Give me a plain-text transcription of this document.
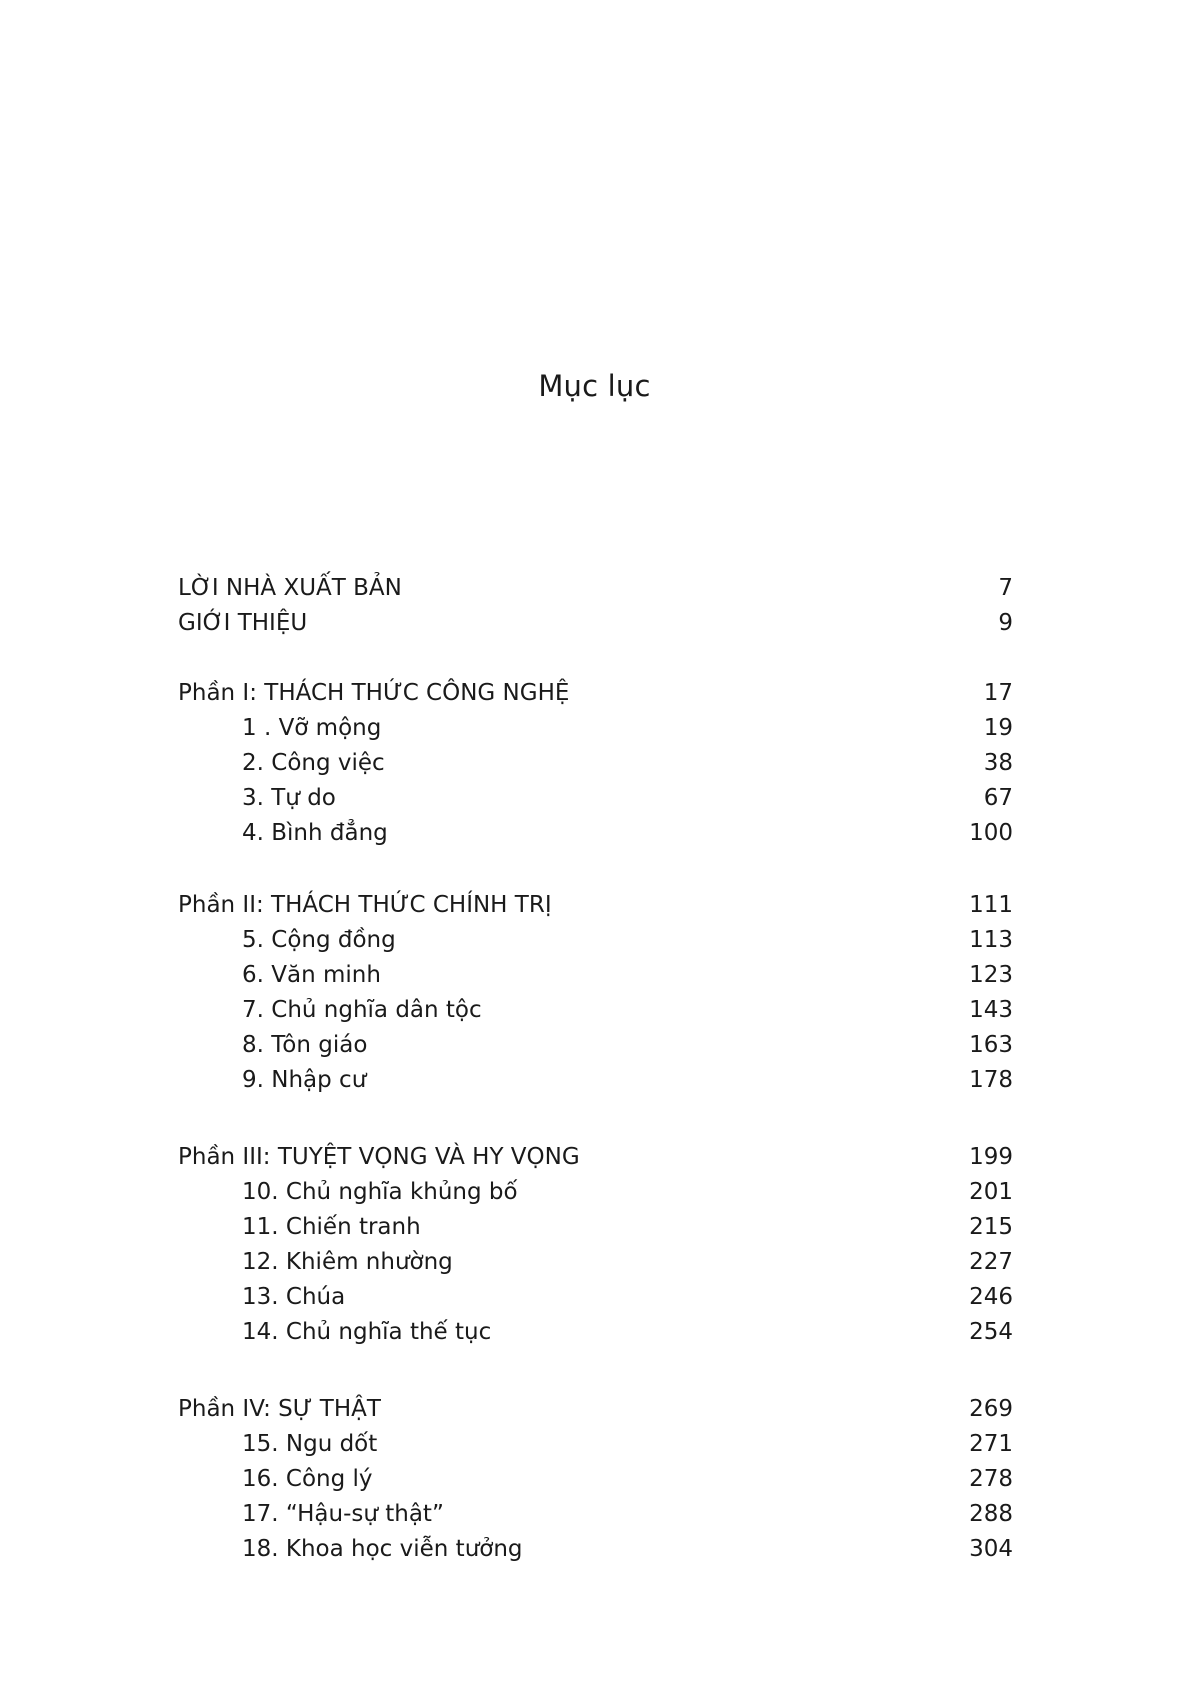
Mục lục
LỜI NHÀ XUẤT BẢN	7
GIỚI THIỆU	9
Phần I: THÁCH THỨC CÔNG NGHỆ	17
1 . Vỡ mộng	19
2. Công việc	38
3. Tự do	67
4. Bình đẳng	100
Phần II: THÁCH THỨC CHÍNH TRỊ	111
5. Cộng đồng	113
6. Văn minh	123
7. Chủ nghĩa dân tộc	143
8. Tôn giáo	163
9. Nhập cư	178
Phần III: TUYỆT VỌNG VÀ HY VỌNG	199
10. Chủ nghĩa khủng bố	201
11. Chiến tranh	215
12. Khiêm nhường	227
13. Chúa	246
14. Chủ nghĩa thế tục	254
Phần IV: SỰ THẬT	269
15. Ngu dốt	271
16. Công lý	278
17. “Hậu-sự thật”	288
18. Khoa học viễn tưởng	304
